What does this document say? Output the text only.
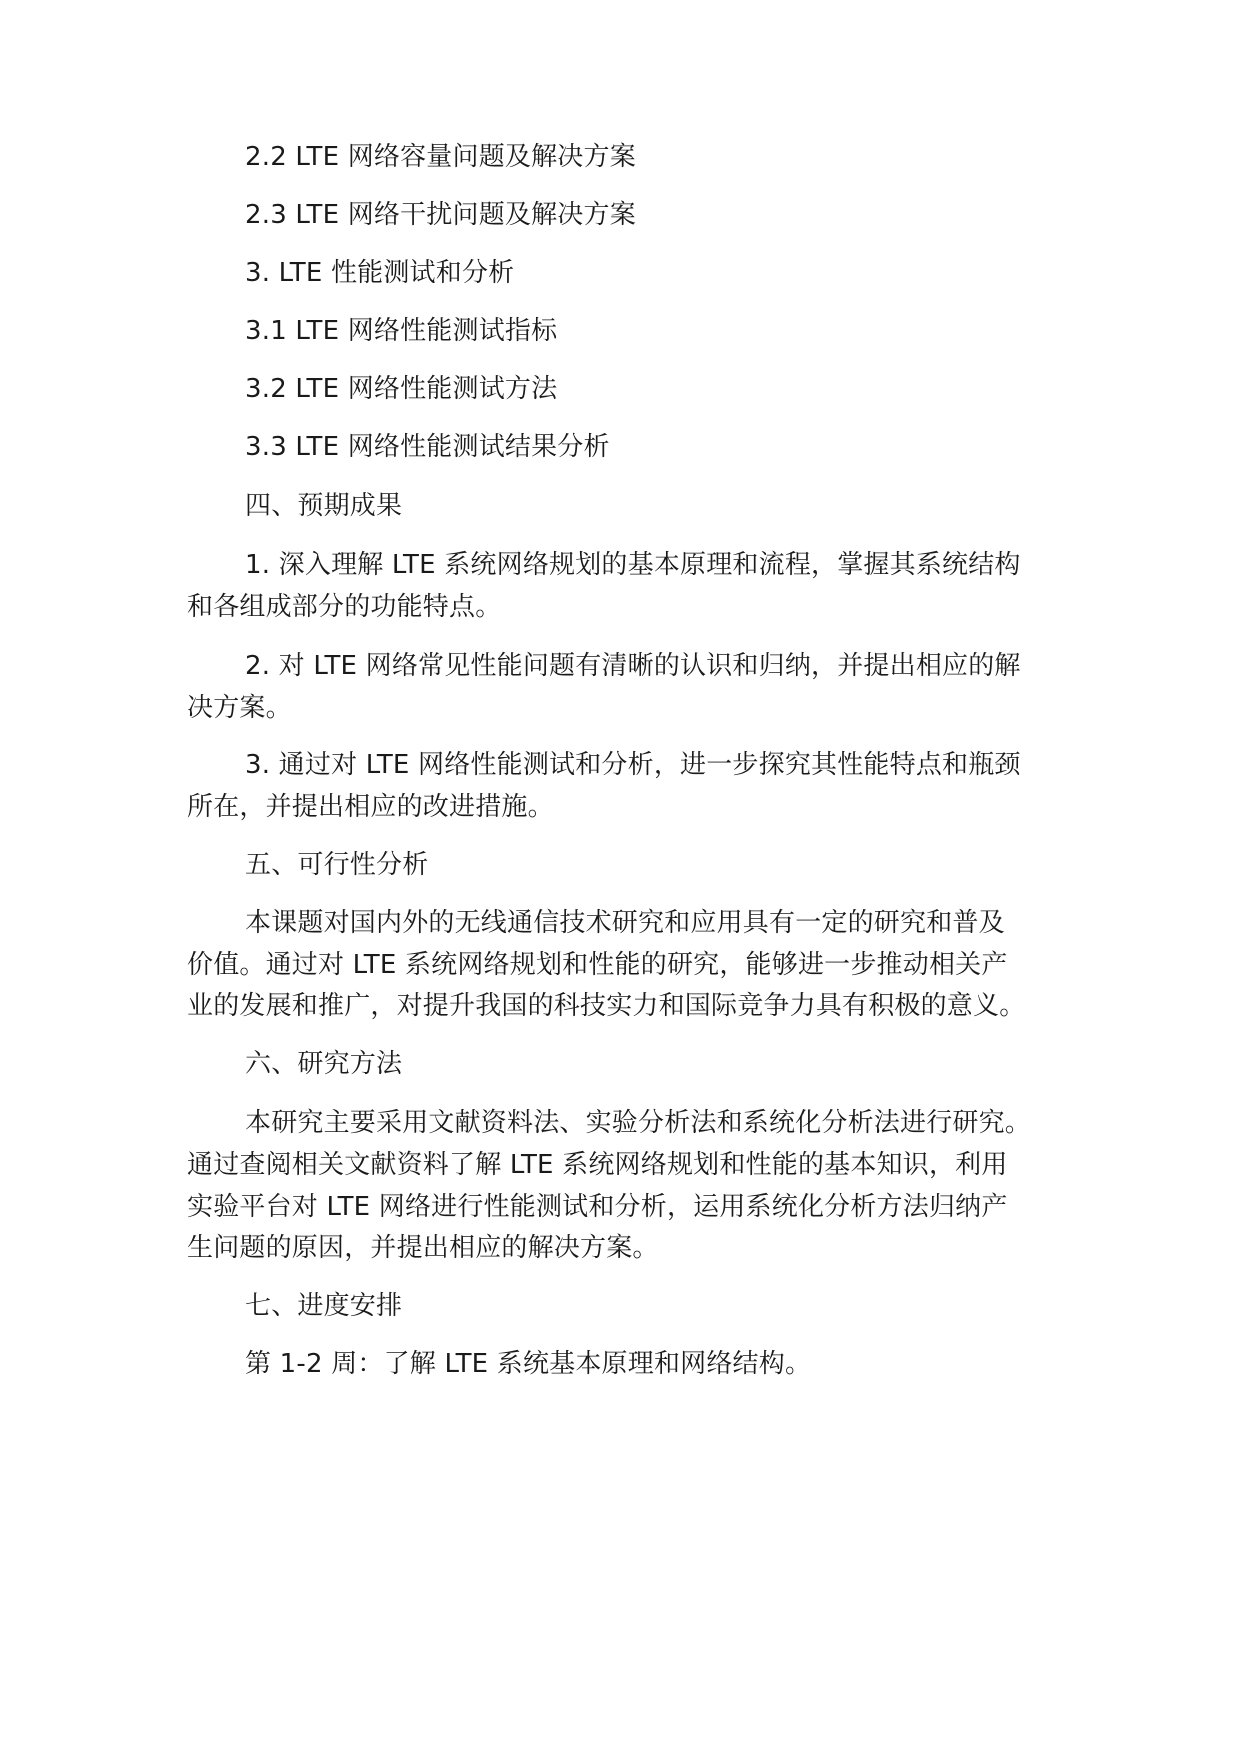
2.2 LTE 网络容量问题及解决方案
2.3 LTE 网络干扰问题及解决方案
3. LTE 性能测试和分析
3.1 LTE 网络性能测试指标
3.2 LTE 网络性能测试方法
3.3 LTE 网络性能测试结果分析
四、预期成果
1. 深入理解 LTE 系统网络规划的基本原理和流程，掌握其系统结构
和各组成部分的功能特点。
2. 对 LTE 网络常见性能问题有清晰的认识和归纳，并提出相应的解
决方案。
3. 通过对 LTE 网络性能测试和分析，进一步探究其性能特点和瓶颈
所在，并提出相应的改进措施。
五、可行性分析
本课题对国内外的无线通信技术研究和应用具有一定的研究和普及
价值。通过对 LTE 系统网络规划和性能的研究，能够进一步推动相关产
业的发展和推广，对提升我国的科技实力和国际竞争力具有积极的意义。
六、研究方法
本研究主要采用文献资料法、实验分析法和系统化分析法进行研究。
通过查阅相关文献资料了解 LTE 系统网络规划和性能的基本知识，利用
实验平台对 LTE 网络进行性能测试和分析，运用系统化分析方法归纳产
生问题的原因，并提出相应的解决方案。
七、进度安排
第 1-2 周：了解 LTE 系统基本原理和网络结构。
